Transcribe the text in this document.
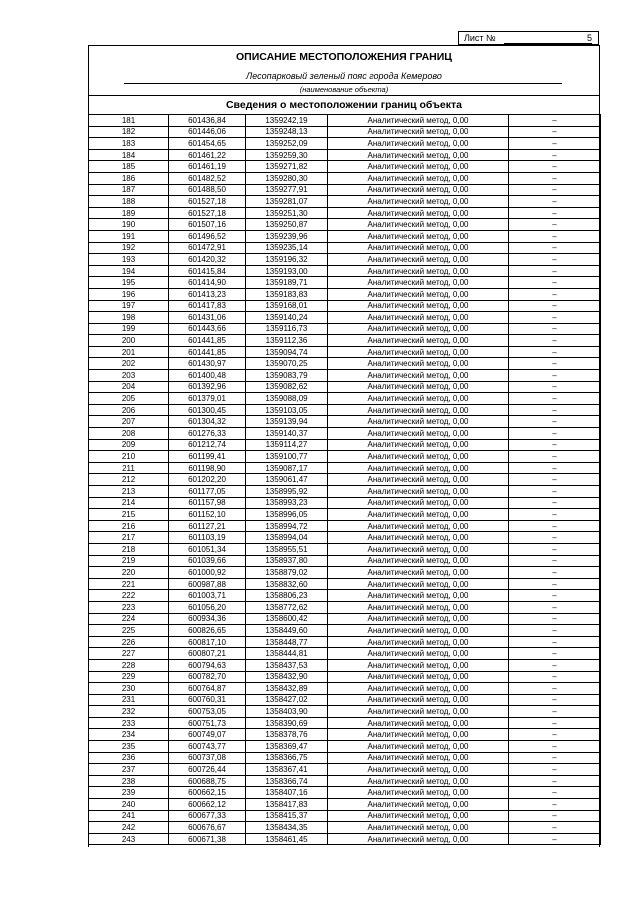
Лист №	5
ОПИСАНИЕ МЕСТОПОЛОЖЕНИЯ ГРАНИЦ
Лесопарковый зеленый пояс города Кемерово
(наименование объекта)
Сведения о местоположении границ объекта
181	601436,84	1359242,19	Аналитический метод, 0,00	–
182	601446,06	1359248,13	Аналитический метод, 0,00	–
183	601454,65	1359252,09	Аналитический метод, 0,00	–
184	601461,22	1359259,30	Аналитический метод, 0,00	–
185	601461,19	1359271,82	Аналитический метод, 0,00	–
186	601482,52	1359280,30	Аналитический метод, 0,00	–
187	601488,50	1359277,91	Аналитический метод, 0,00	–
188	601527,18	1359281,07	Аналитический метод, 0,00	–
189	601527,18	1359251,30	Аналитический метод, 0,00	–
190	601507,16	1359250,87	Аналитический метод, 0,00	–
191	601496,52	1359239,96	Аналитический метод, 0,00	–
192	601472,91	1359235,14	Аналитический метод, 0,00	–
193	601420,32	1359196,32	Аналитический метод, 0,00	–
194	601415,84	1359193,00	Аналитический метод, 0,00	–
195	601414,90	1359189,71	Аналитический метод, 0,00	–
196	601413,23	1359183,83	Аналитический метод, 0,00	–
197	601417,83	1359168,01	Аналитический метод, 0,00	–
198	601431,06	1359140,24	Аналитический метод, 0,00	–
199	601443,66	1359116,73	Аналитический метод, 0,00	–
200	601441,85	1359112,36	Аналитический метод, 0,00	–
201	601441,85	1359094,74	Аналитический метод, 0,00	–
202	601430,97	1359070,25	Аналитический метод, 0,00	–
203	601400,48	1359083,79	Аналитический метод, 0,00	–
204	601392,96	1359082,62	Аналитический метод, 0,00	–
205	601379,01	1359088,09	Аналитический метод, 0,00	–
206	601300,45	1359103,05	Аналитический метод, 0,00	–
207	601304,32	1359139,94	Аналитический метод, 0,00	–
208	601276,33	1359140,37	Аналитический метод, 0,00	–
209	601212,74	1359114,27	Аналитический метод, 0,00	–
210	601199,41	1359100,77	Аналитический метод, 0,00	–
211	601198,90	1359087,17	Аналитический метод, 0,00	–
212	601202,20	1359061,47	Аналитический метод, 0,00	–
213	601177,05	1358995,92	Аналитический метод, 0,00	–
214	601157,98	1358993,23	Аналитический метод, 0,00	–
215	601152,10	1358996,05	Аналитический метод, 0,00	–
216	601127,21	1358994,72	Аналитический метод, 0,00	–
217	601103,19	1358994,04	Аналитический метод, 0,00	–
218	601051,34	1358955,51	Аналитический метод, 0,00	–
219	601039,66	1358937,80	Аналитический метод, 0,00	–
220	601000,92	1358879,02	Аналитический метод, 0,00	–
221	600987,88	1358832,60	Аналитический метод, 0,00	–
222	601003,71	1358806,23	Аналитический метод, 0,00	–
223	601056,20	1358772,62	Аналитический метод, 0,00	–
224	600934,36	1358600,42	Аналитический метод, 0,00	–
225	600826,65	1358449,60	Аналитический метод, 0,00	–
226	600817,10	1358448,77	Аналитический метод, 0,00	–
227	600807,21	1358444,81	Аналитический метод, 0,00	–
228	600794,63	1358437,53	Аналитический метод, 0,00	–
229	600782,70	1358432,90	Аналитический метод, 0,00	–
230	600764,87	1358432,89	Аналитический метод, 0,00	–
231	600760,31	1358427,02	Аналитический метод, 0,00	–
232	600753,05	1358403,90	Аналитический метод, 0,00	–
233	600751,73	1358390,69	Аналитический метод, 0,00	–
234	600749,07	1358378,76	Аналитический метод, 0,00	–
235	600743,77	1358369,47	Аналитический метод, 0,00	–
236	600737,08	1358366,75	Аналитический метод, 0,00	–
237	600726,44	1358367,41	Аналитический метод, 0,00	–
238	600688,75	1358366,74	Аналитический метод, 0,00	–
239	600662,15	1358407,16	Аналитический метод, 0,00	–
240	600662,12	1358417,83	Аналитический метод, 0,00	–
241	600677,33	1358415,37	Аналитический метод, 0,00	–
242	600676,67	1358434,35	Аналитический метод, 0,00	–
243	600671,38	1358461,45	Аналитический метод, 0,00	–
